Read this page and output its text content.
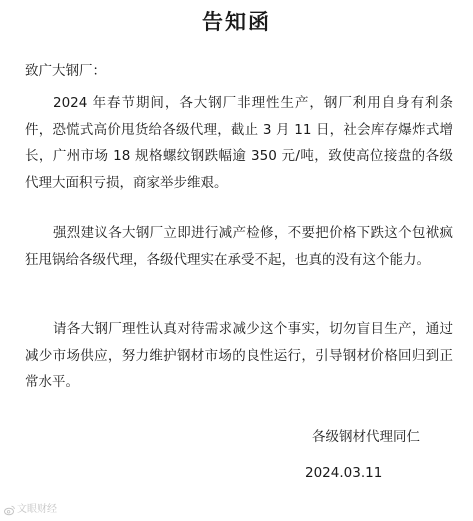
告知函
致广大钢厂：

2024 年春节期间，各大钢厂非理性生产，钢厂利用自身有利条件，恐慌式高价甩货给各级代理，截止 3 月 11 日，社会库存爆炸式增长，广州市场 18 规格螺纹钢跌幅逾 350 元/吨，致使高位接盘的各级代理大面积亏损，商家举步维艰。

强烈建议各大钢厂立即进行减产检修，不要把价格下跌这个包袱疯狂甩锅给各级代理，各级代理实在承受不起，也真的没有这个能力。

请各大钢厂理性认真对待需求减少这个事实，切勿盲目生产，通过减少市场供应，努力维护钢材市场的良性运行，引导钢材价格回归到正常水平。

各级钢材代理同仁
2024.03.11
文眼财经
